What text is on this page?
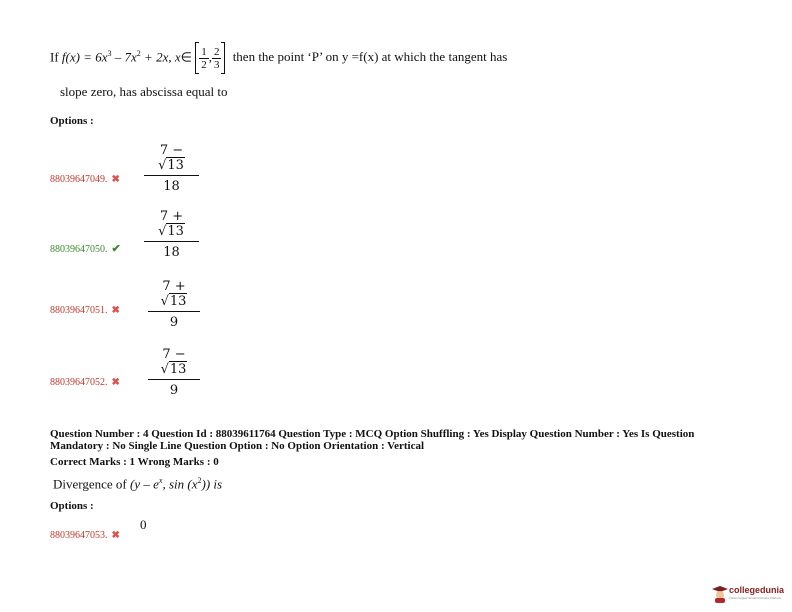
If $f(x) = 6x^3 - 7x^2 + 2x$, x∈ $\frac{1}{2}$ , $\frac{2}{3}$ then the point ‘P’ on y =f(x) at which the tangent has
slope zero, has abscissa equal to
Options :
$\frac{7 - √13}{18}$
88039647049. ✖
$\frac{7 + √13}{18}$
88039647050. ✔
$\frac{7 + √13}{9}$
88039647051. ✖
$\frac{7 - √13}{9}$
88039647052. ✖
Question Number : 4 Question Id : 88039611764 Question Type : MCQ Option Shuffling : Yes Display Question Number : Yes Is Question
Mandatory : No Single Line Question Option : No Option Orientation : Vertical
Correct Marks : 1 Wrong Marks : 0
Divergence of ($y - e^x$, $\sin (x^2)$) is
Options :
0
88039647053. ✖
collegedunia
India's largest Student Review Platform
